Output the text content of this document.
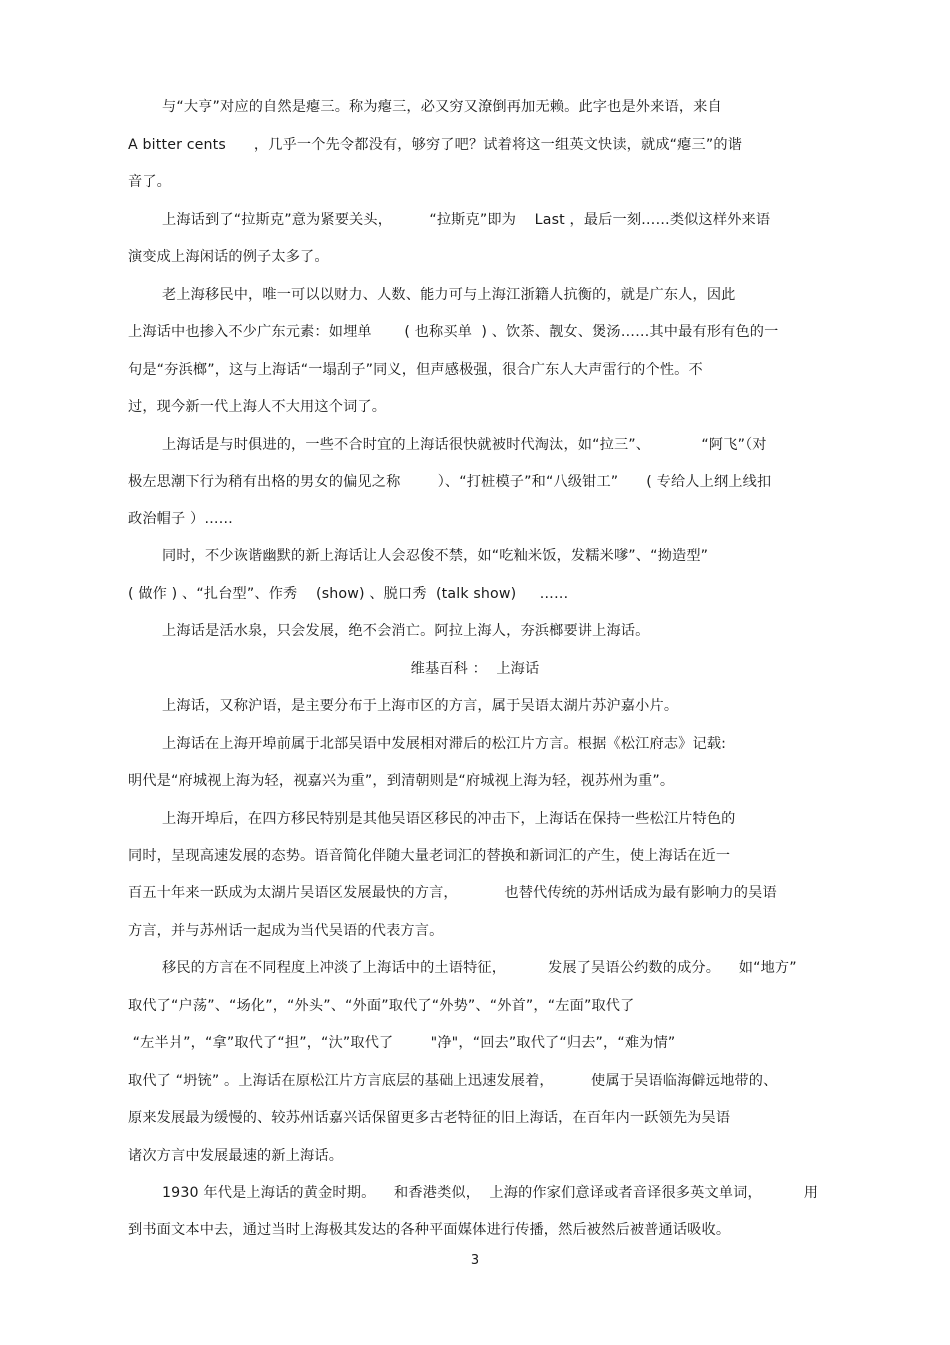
与“大亨”对应的自然是瘪三。称为瘪三，必又穷又潦倒再加无赖。此字也是外来语，来自
A bitter cents      ，几乎一个先令都没有，够穷了吧？试着将这一组英文快读，就成“瘪三”的谐
音了。
上海话到了“拉斯克”意为紧要关头，        “拉斯克”即为    Last ，最后一刻……类似这样外来语
演变成上海闲话的例子太多了。
老上海移民中，唯一可以以财力、人数、能力可与上海江浙籍人抗衡的，就是广东人，因此
上海话中也掺入不少广东元素：如埋单       ( 也称买单  ) 、饮茶、靓女、煲汤……其中最有形有色的一
句是“夯浜榔”，这与上海话“一塌刮子”同义，但声感极强，很合广东人大声雷行的个性。不
过，现今新一代上海人不大用这个词了。
上海话是与时俱进的，一些不合时宜的上海话很快就被时代淘汰，如“拉三”、           “阿飞”（对
极左思潮下行为稍有出格的男女的偏见之称        ）、“打桩模子”和“八级钳工”      ( 专给人上纲上线扣
政治帽子 ）……
同时，不少诙谐幽默的新上海话让人会忍俊不禁，如“吃籼米饭，发糯米嗲”、“拗造型”
( 做作 ) 、“扎台型”、作秀    (show) 、脱口秀  (talk show)     ……
上海话是活水泉，只会发展，绝不会消亡。阿拉上海人，夯浜榔要讲上海话。
维基百科 ：  上海话
上海话，又称沪语，是主要分布于上海市区的方言，属于吴语太湖片苏沪嘉小片。
上海话在上海开埠前属于北部吴语中发展相对滞后的松江片方言。根据《松江府志》记载:
明代是“府城视上海为轻，视嘉兴为重”，到清朝则是“府城视上海为轻，视苏州为重”。
上海开埠后，在四方移民特别是其他吴语区移民的冲击下，上海话在保持一些松江片特色的
同时，呈现高速发展的态势。语音简化伴随大量老词汇的替换和新词汇的产生，使上海话在近一
百五十年来一跃成为太湖片吴语区发展最快的方言，          也替代传统的苏州话成为最有影响力的吴语
方言，并与苏州话一起成为当代吴语的代表方言。
移民的方言在不同程度上冲淡了上海话中的土语特征，         发展了吴语公约数的成分。    如“地方”
取代了“户荡”、“场化”，“外头”、“外面”取代了“外势”、“外首”，“左面”取代了
“左半爿”，“拿”取代了“担”，“汏”取代了        "净"，“回去”取代了“归去”，“难为情”
取代了 “坍铳” 。上海话在原松江片方言底层的基础上迅速发展着，        使属于吴语临海僻远地带的、
原来发展最为缓慢的、较苏州话嘉兴话保留更多古老特征的旧上海话，在百年内一跃领先为吴语
诸次方言中发展最速的新上海话。
1930 年代是上海话的黄金时期。    和香港类似，  上海的作家们意译或者音译很多英文单词，         用
到书面文本中去，通过当时上海极其发达的各种平面媒体进行传播，然后被然后被普通话吸收。
3
